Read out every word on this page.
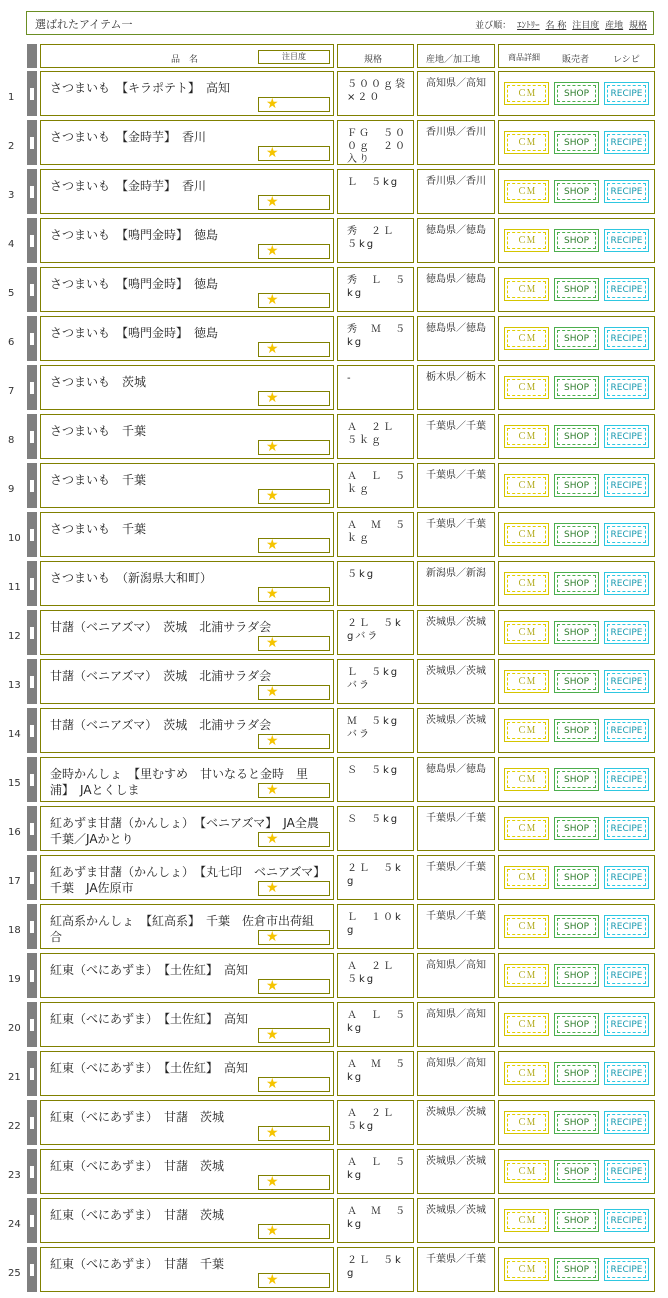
選ばれたアイテム一	並び順： ｴﾝﾄﾘｰ 名 称 注目度 産地 規格
品　名	注目度	規格	産地／加工地	商品詳細 販売者	レシピ
1
さつまいも　【キラポテト】　高知
★
５００ｇ袋×２０
高知県／高知
ＣＭ	SHOP	RECIPE
2
さつまいも　【金時芋】　香川
★
ＦＧ　５００ｇ　２０入り
香川県／香川
ＣＭ	SHOP	RECIPE
3
さつまいも　【金時芋】　香川
★
Ｌ　５kg	香川県／香川
ＣＭ	SHOP	RECIPE
4
さつまいも　【鳴門金時】　徳島
★
秀　２Ｌ　５kg
徳島県／徳島
ＣＭ	SHOP	RECIPE
5
さつまいも　【鳴門金時】　徳島
★
秀　Ｌ　５kg
徳島県／徳島
ＣＭ	SHOP	RECIPE
6
さつまいも　【鳴門金時】　徳島
★
秀　Ｍ　５kg
徳島県／徳島
ＣＭ	SHOP	RECIPE
7
さつまいも　茨城
★
-	栃木県／栃木
ＣＭ	SHOP	RECIPE
8
さつまいも　千葉
★
Ａ　２Ｌ　５ｋｇ
千葉県／千葉
ＣＭ	SHOP	RECIPE
9
さつまいも　千葉
★
Ａ　Ｌ　５ｋｇ
千葉県／千葉
ＣＭ	SHOP	RECIPE
10
さつまいも　千葉
★
Ａ　Ｍ　５ｋｇ
千葉県／千葉
ＣＭ	SHOP	RECIPE
11
さつまいも　（新潟県大和町）
★
５kg	新潟県／新潟
ＣＭ	SHOP	RECIPE
12
甘藷（ベニアズマ）　茨城　北浦サラダ会
★
２Ｌ　５kgバラ
茨城県／茨城
ＣＭ	SHOP	RECIPE
13
甘藷（ベニアズマ）　茨城　北浦サラダ会
★
Ｌ　５kgバラ
茨城県／茨城
ＣＭ	SHOP	RECIPE
14
甘藷（ベニアズマ）　茨城　北浦サラダ会
★
Ｍ　５kgバラ
茨城県／茨城
ＣＭ	SHOP	RECIPE
15
金時かんしょ　【里むすめ　甘いなると金時　里浦】　JAとくしま	★
Ｓ　５kg	徳島県／徳島
ＣＭ	SHOP	RECIPE
16
紅あずま甘藷（かんしょ）　【ベニアズマ】　JA全農千葉／JAかとり	★
Ｓ　５kg	千葉県／千葉
ＣＭ	SHOP	RECIPE
17
紅あずま甘藷（かんしょ）　【丸七印　ベニアズマ】　千葉　JA佐原市	★
２Ｌ　５kg
千葉県／千葉
ＣＭ	SHOP	RECIPE
18
紅高系かんしょ　【紅高系】　千葉　佐倉市出荷組合	★
Ｌ　１０kg
千葉県／千葉
ＣＭ	SHOP	RECIPE
19
紅東（べにあずま）　【土佐紅】　高知
★
Ａ　２Ｌ　５kg
高知県／高知
ＣＭ	SHOP	RECIPE
20
紅東（べにあずま）　【土佐紅】　高知
★
Ａ　Ｌ　５kg
高知県／高知
ＣＭ	SHOP	RECIPE
21
紅東（べにあずま）　【土佐紅】　高知
★
Ａ　Ｍ　５kg
高知県／高知
ＣＭ	SHOP	RECIPE
22
紅東（べにあずま）　甘藷　茨城
★
Ａ　２Ｌ　５kg
茨城県／茨城
ＣＭ	SHOP	RECIPE
23
紅東（べにあずま）　甘藷　茨城
★
Ａ　Ｌ　５kg
茨城県／茨城
ＣＭ	SHOP	RECIPE
24
紅東（べにあずま）　甘藷　茨城
★
Ａ　Ｍ　５kg
茨城県／茨城
ＣＭ	SHOP	RECIPE
25
紅東（べにあずま）　甘藷　千葉
★
２Ｌ　５kg
千葉県／千葉
ＣＭ	SHOP	RECIPE
